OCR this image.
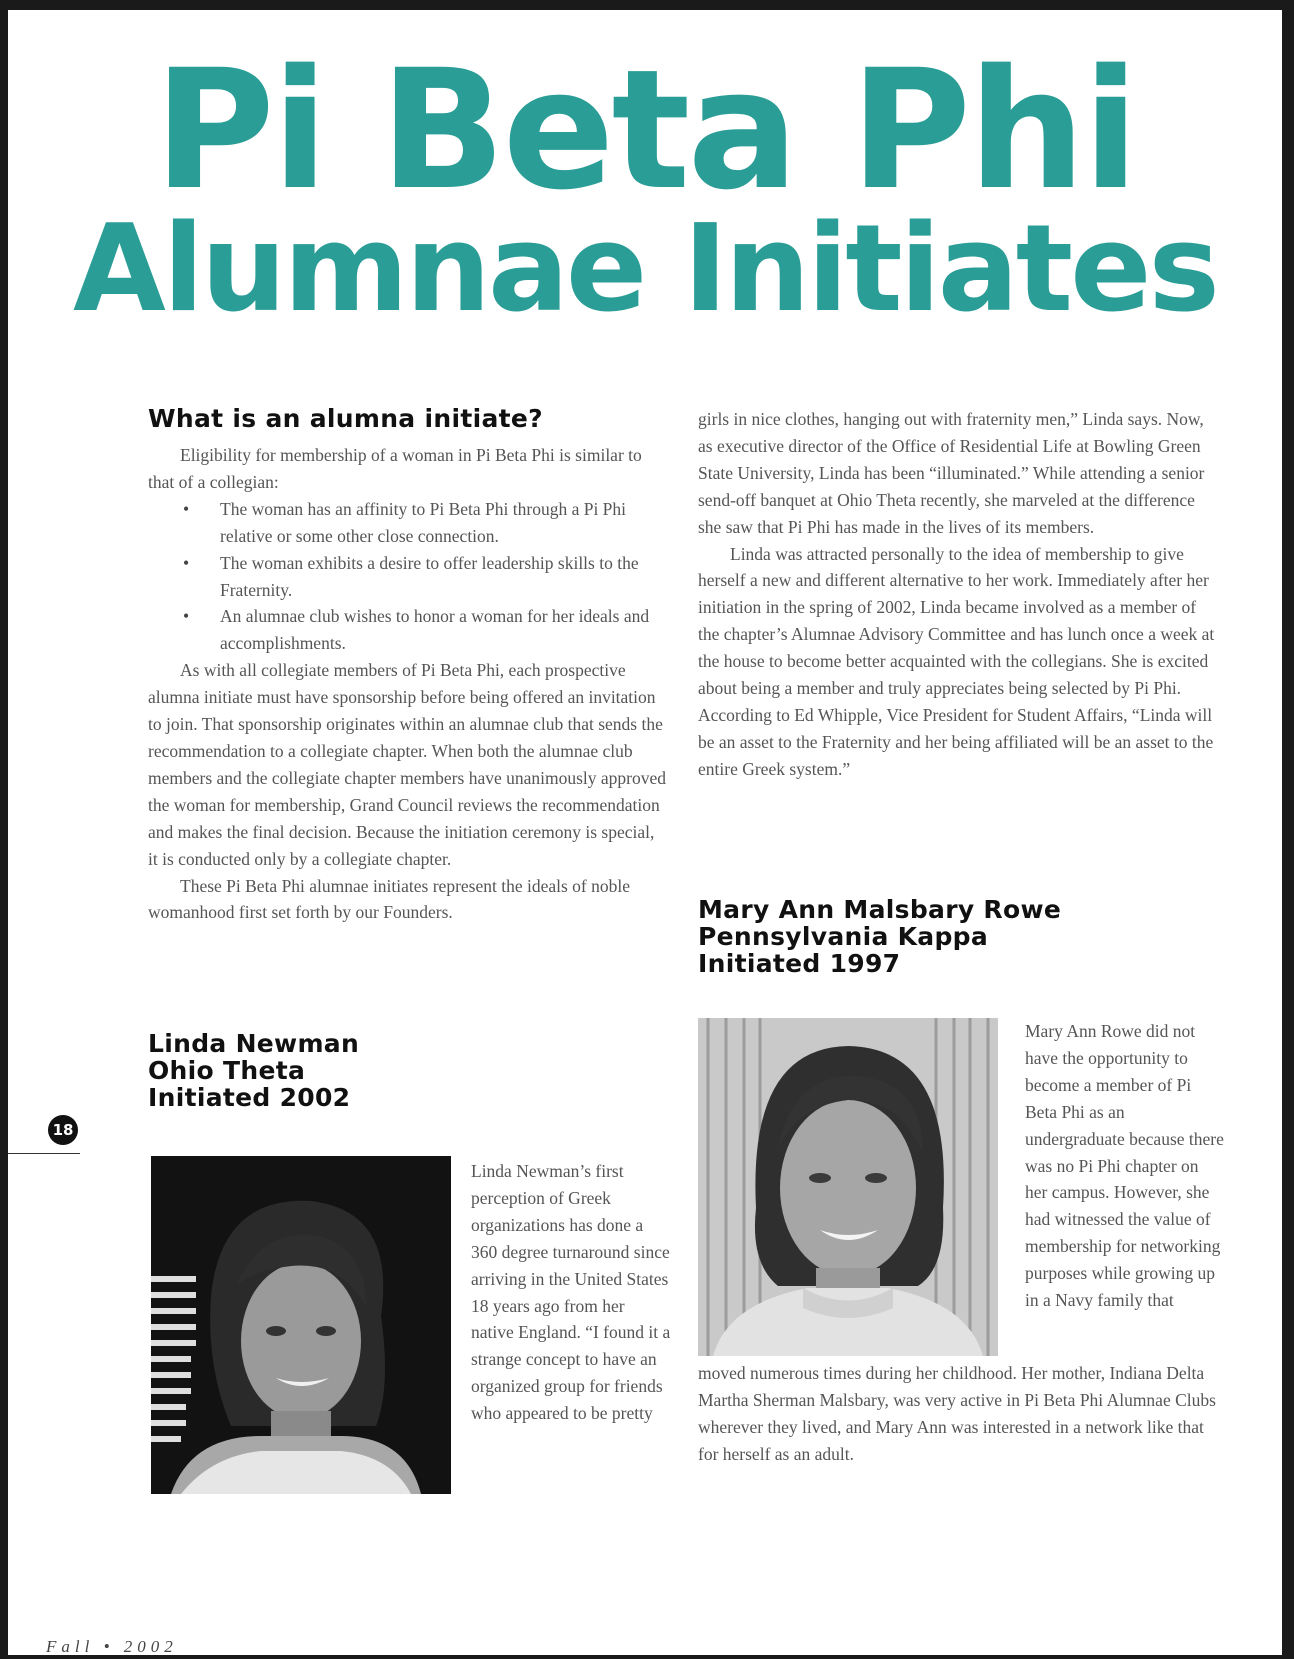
Pi Beta Phi
Alumnae Initiates
What is an alumna initiate?

Eligibility for membership of a woman in Pi Beta Phi is similar to that of a collegian:

• The woman has an affinity to Pi Beta Phi through a Pi Phi relative or some other close connection.
• The woman exhibits a desire to offer leadership skills to the Fraternity.
• An alumnae club wishes to honor a woman for her ideals and accomplishments.

As with all collegiate members of Pi Beta Phi, each prospective alumna initiate must have sponsorship before being offered an invitation to join. That sponsorship originates within an alumnae club that sends the recommendation to a collegiate chapter. When both the alumnae club members and the collegiate chapter members have unanimously approved the woman for membership, Grand Council reviews the recommendation and makes the final decision. Because the initiation ceremony is special, it is conducted only by a collegiate chapter.

These Pi Beta Phi alumnae initiates represent the ideals of noble womanhood first set forth by our Founders.

Linda Newman
Ohio Theta
Initiated 2002

Linda Newman’s first perception of Greek organizations has done a 360 degree turnaround since arriving in the United States 18 years ago from her native England. “I found it a strange concept to have an organized group for friends who appeared to be pretty

girls in nice clothes, hanging out with fraternity men,” Linda says. Now, as executive director of the Office of Residential Life at Bowling Green State University, Linda has been “illuminated.” While attending a senior send-off banquet at Ohio Theta recently, she marveled at the difference she saw that Pi Phi has made in the lives of its members.

Linda was attracted personally to the idea of membership to give herself a new and different alternative to her work. Immediately after her initiation in the spring of 2002, Linda became involved as a member of the chapter’s Alumnae Advisory Committee and has lunch once a week at the house to become better acquainted with the collegians. She is excited about being a member and truly appreciates being selected by Pi Phi. According to Ed Whipple, Vice President for Student Affairs, “Linda will be an asset to the Fraternity and her being affiliated will be an asset to the entire Greek system.”

Mary Ann Malsbary Rowe
Pennsylvania Kappa
Initiated 1997

Mary Ann Rowe did not have the opportunity to become a member of Pi Beta Phi as an undergraduate because there was no Pi Phi chapter on her campus. However, she had witnessed the value of membership for networking purposes while growing up in a Navy family that

moved numerous times during her childhood. Her mother, Indiana Delta Martha Sherman Malsbary, was very active in Pi Beta Phi Alumnae Clubs wherever they lived, and Mary Ann was interested in a network like that for herself as an adult.

18
Fall • 2002
